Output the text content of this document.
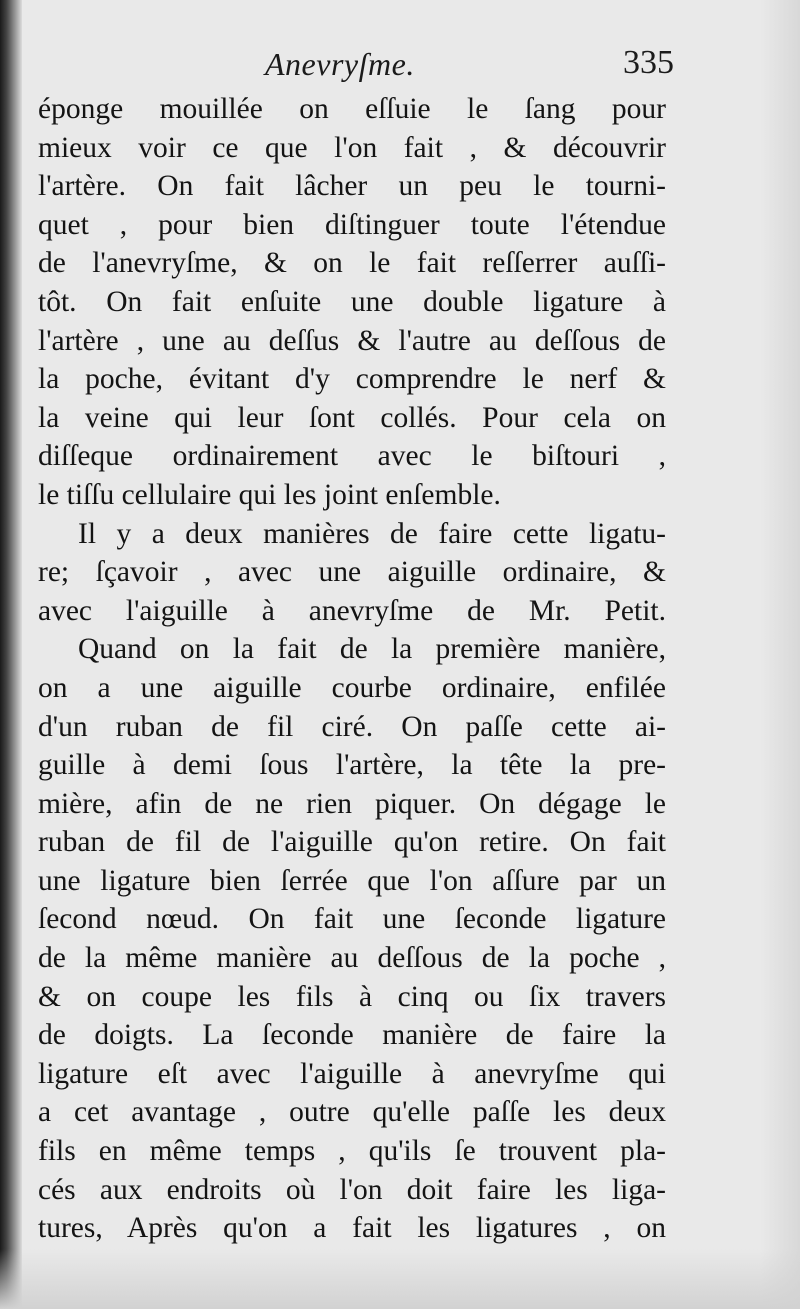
Anevryſme.	335
éponge mouillée on eſſuie le ſang pour
mieux voir ce que l'on fait , & découvrir
l'artère. On fait lâcher un peu le tourni-
quet , pour bien diſtinguer toute l'étendue
de l'anevryſme, & on le fait reſſerrer auſſi-
tôt. On fait enſuite une double ligature à
l'artère , une au deſſus & l'autre au deſſous de
la poche, évitant d'y comprendre le nerf &
la veine qui leur ſont collés. Pour cela on
diſſeque ordinairement avec le biſtouri ,
le tiſſu cellulaire qui les joint enſemble.
Il y a deux manières de faire cette ligatu-
re; ſçavoir , avec une aiguille ordinaire, &
avec l'aiguille à anevryſme de Mr. Petit.
Quand on la fait de la première manière,
on a une aiguille courbe ordinaire, enfilée
d'un ruban de fil ciré. On paſſe cette ai-
guille à demi ſous l'artère, la tête la pre-
mière, afin de ne rien piquer. On dégage le
ruban de fil de l'aiguille qu'on retire. On fait
une ligature bien ſerrée que l'on aſſure par un
ſecond nœud. On fait une ſeconde ligature
de la même manière au deſſous de la poche ,
& on coupe les fils à cinq ou ſix travers
de doigts. La ſeconde manière de faire la
ligature eſt avec l'aiguille à anevryſme qui
a cet avantage , outre qu'elle paſſe les deux
fils en même temps , qu'ils ſe trouvent pla-
cés aux endroits où l'on doit faire les liga-
tures, Après qu'on a fait les ligatures , on
